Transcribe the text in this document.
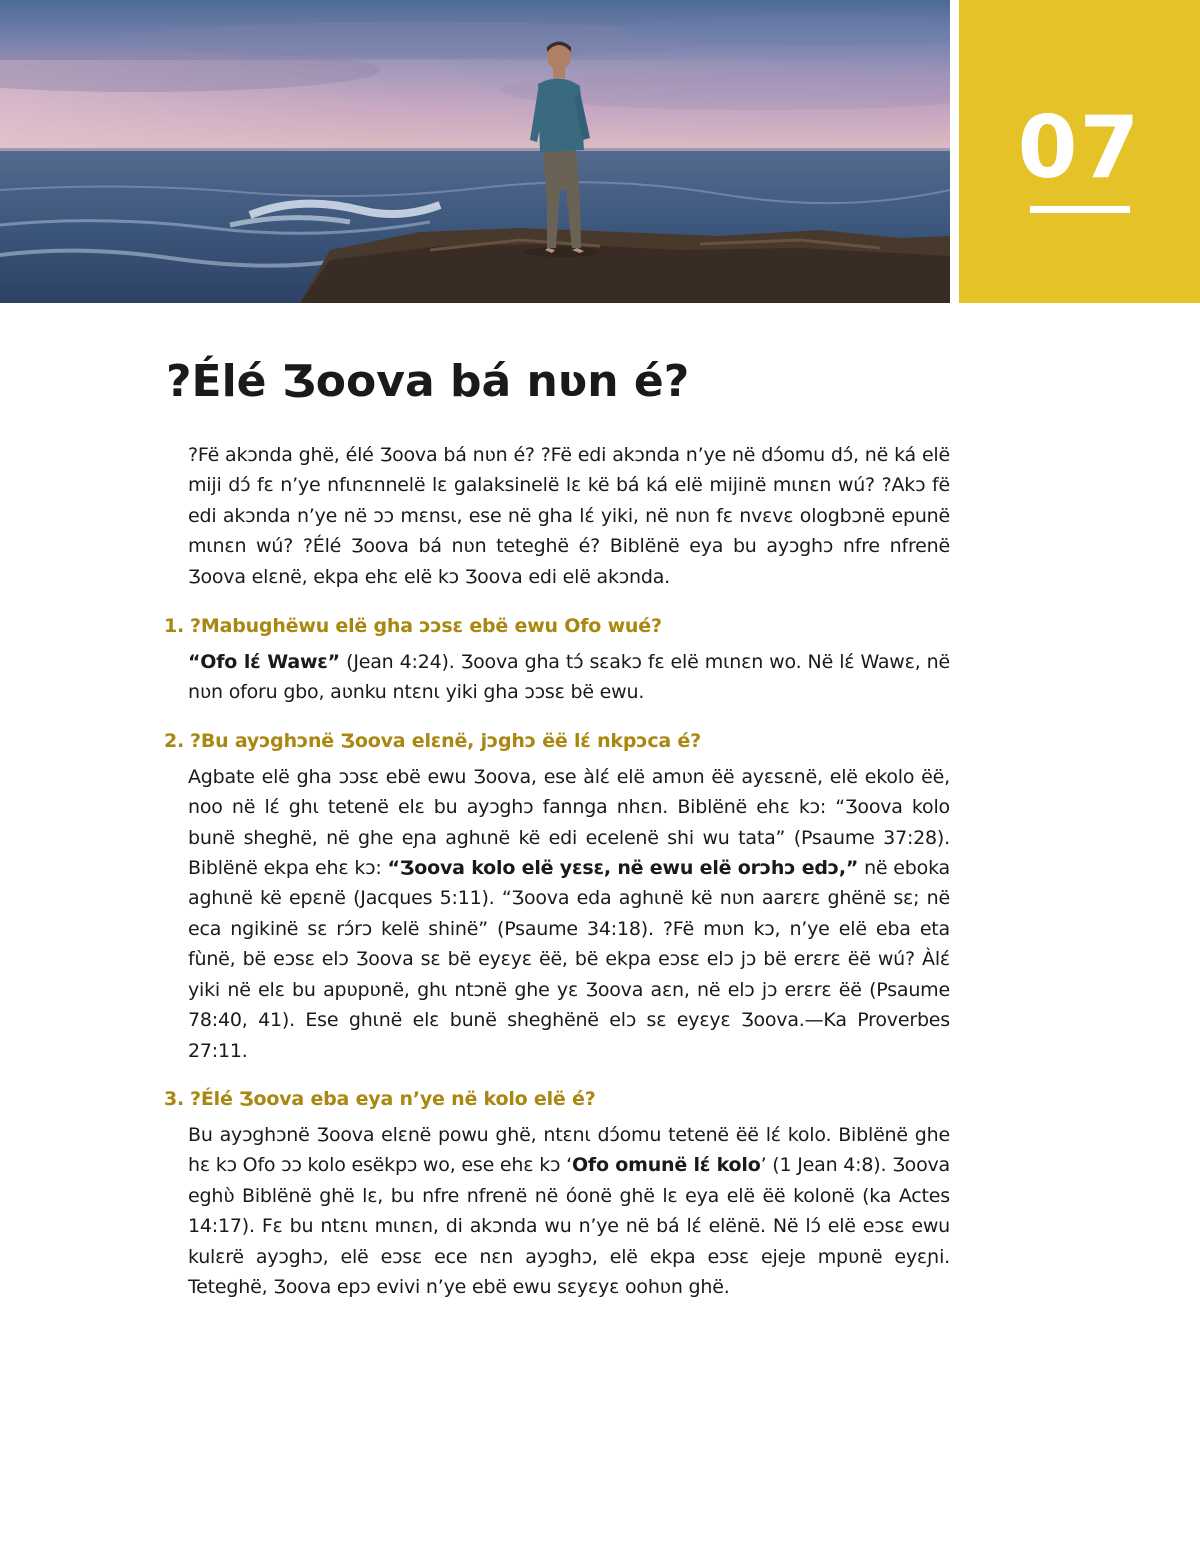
07
?Élé Ʒoova bá nʋn é?

?Fë akɔnda ghë, élé Ʒoova bá nʋn é? ?Fë edi akɔnda n’ye në dɔ́omu dɔ́, në ká elë miji dɔ́ fɛ n’ye nfɩnɛnnelë lɛ galaksinelë lɛ kë bá ká elë mijinë mɩnɛn wú? ?Akɔ fë edi akɔnda n’ye në ɔɔ mɛnsɩ, ese në gha lɛ́ yiki, në nʋn fɛ nvɛvɛ ologbɔnë epunë mɩnɛn wú? ?Élé Ʒoova bá nʋn teteghë é? Biblënë eya bu ayɔghɔ nfre nfrenë Ʒoova elɛnë, ekpa ehɛ elë kɔ Ʒoova edi elë akɔnda.

1. ?Mabughëwu elë gha ɔɔsɛ ebë ewu Ofo wué?

“Ofo lɛ́ Wawɛ” (Jean 4:24). Ʒoova gha tɔ́ sɛakɔ fɛ elë mɩnɛn wo. Në lɛ́ Wawɛ, në nʋn oforu gbo, aʋnku ntɛnɩ yiki gha ɔɔsɛ bë ewu.

2. ?Bu ayɔghɔnë Ʒoova elɛnë, jɔghɔ ëë lɛ́ nkpɔca é?

Agbate elë gha ɔɔsɛ ebë ewu Ʒoova, ese àlɛ́ elë amʋn ëë ayɛsɛnë, elë ekolo ëë, noo në lɛ́ ghɩ tetenë elɛ bu ayɔghɔ fannga nhɛn. Biblënë ehɛ kɔ: “Ʒoova kolo bunë sheghë, në ghe eɲa aghɩnë kë edi ecelenë shi wu tata” (Psaume 37:28). Biblënë ekpa ehɛ kɔ: “Ʒoova kolo elë yɛsɛ, në ewu elë orɔhɔ edɔ,” në eboka aghɩnë kë epɛnë (Jacques 5:11). “Ʒoova eda aghɩnë kë nʋn aarɛrɛ ghënë sɛ; në eca ngikinë sɛ rɔ́rɔ kelë shinë” (Psaume 34:18). ?Fë mʋn kɔ, n’ye elë eba eta fùnë, bë eɔsɛ elɔ Ʒoova sɛ bë eyɛyɛ ëë, bë ekpa eɔsɛ elɔ jɔ bë erɛrɛ ëë wú? Àlɛ́ yiki në elɛ bu apʋpʋnë, ghɩ ntɔnë ghe yɛ Ʒoova aɛn, në elɔ jɔ erɛrɛ ëë (Psaume 78:40, 41). Ese ghɩnë elɛ bunë sheghënë elɔ sɛ eyɛyɛ Ʒoova.—Ka Proverbes 27:11.

3. ?Élé Ʒoova eba eya n’ye në kolo elë é?

Bu ayɔghɔnë Ʒoova elɛnë powu ghë, ntɛnɩ dɔ́omu tetenë ëë lɛ́ kolo. Biblënë ghe hɛ kɔ Ofo ɔɔ kolo esëkpɔ wo, ese ehɛ kɔ ‘Ofo omunë lɛ́ kolo’ (1 Jean 4:8). Ʒoova eghʋ̀ Biblënë ghë lɛ, bu nfre nfrenë në óonë ghë lɛ eya elë ëë kolonë (ka Actes 14:17). Fɛ bu ntɛnɩ mɩnɛn, di akɔnda wu n’ye në bá lɛ́ elënë. Në lɔ́ elë eɔsɛ ewu kulɛrë ayɔghɔ, elë eɔsɛ ece nɛn ayɔghɔ, elë ekpa eɔsɛ ejeje mpʋnë eyɛɲi. Teteghë, Ʒoova epɔ evivi n’ye ebë ewu sɛyɛyɛ oohʋn ghë.
